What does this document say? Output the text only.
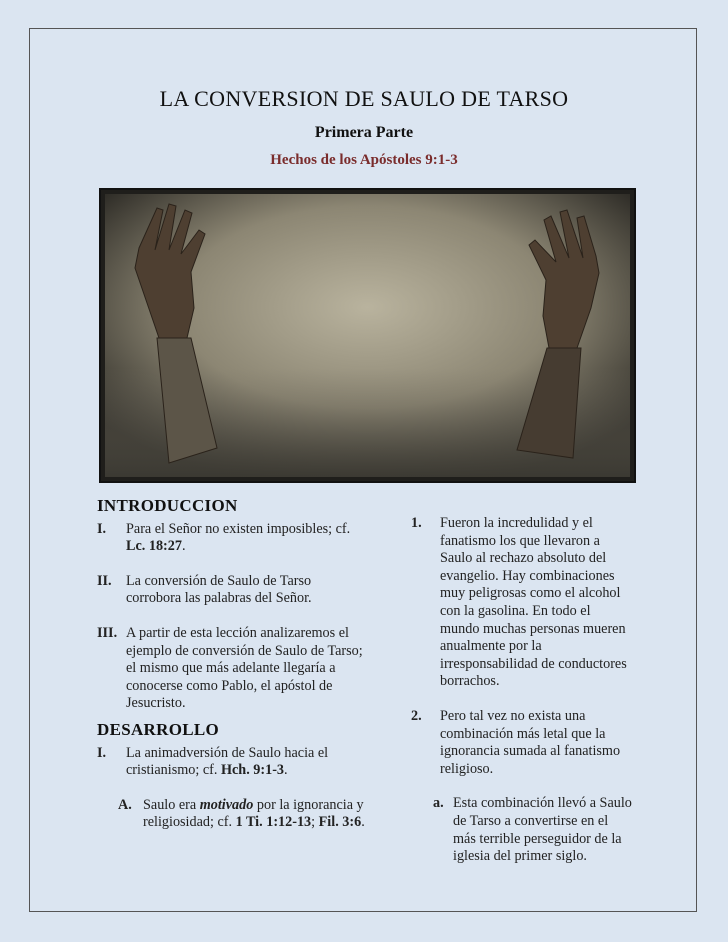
LA CONVERSION DE SAULO DE TARSO
Primera Parte
Hechos de los Apóstoles 9:1-3
INTRODUCCION
I. Para el Señor no existen imposibles; cf. Lc. 18:27.
II. La conversión de Saulo de Tarso corrobora las palabras del Señor.
III. A partir de esta lección analizaremos el ejemplo de conversión de Saulo de Tarso; el mismo que más adelante llegaría a conocerse como Pablo, el apóstol de Jesucristo.
DESARROLLO
I. La animadversión de Saulo hacia el cristianismo; cf. Hch. 9:1-3.
A. Saulo era motivado por la ignorancia y religiosidad; cf. 1 Ti. 1:12-13; Fil. 3:6.
1. Fueron la incredulidad y el fanatismo los que llevaron a Saulo al rechazo absoluto del evangelio. Hay combinaciones muy peligrosas como el alcohol con la gasolina. En todo el mundo muchas personas mueren anualmente por la irresponsabilidad de conductores borrachos.
2. Pero tal vez no exista una combinación más letal que la ignorancia sumada al fanatismo religioso.
a. Esta combinación llevó a Saulo de Tarso a convertirse en el más terrible perseguidor de la iglesia del primer siglo.
